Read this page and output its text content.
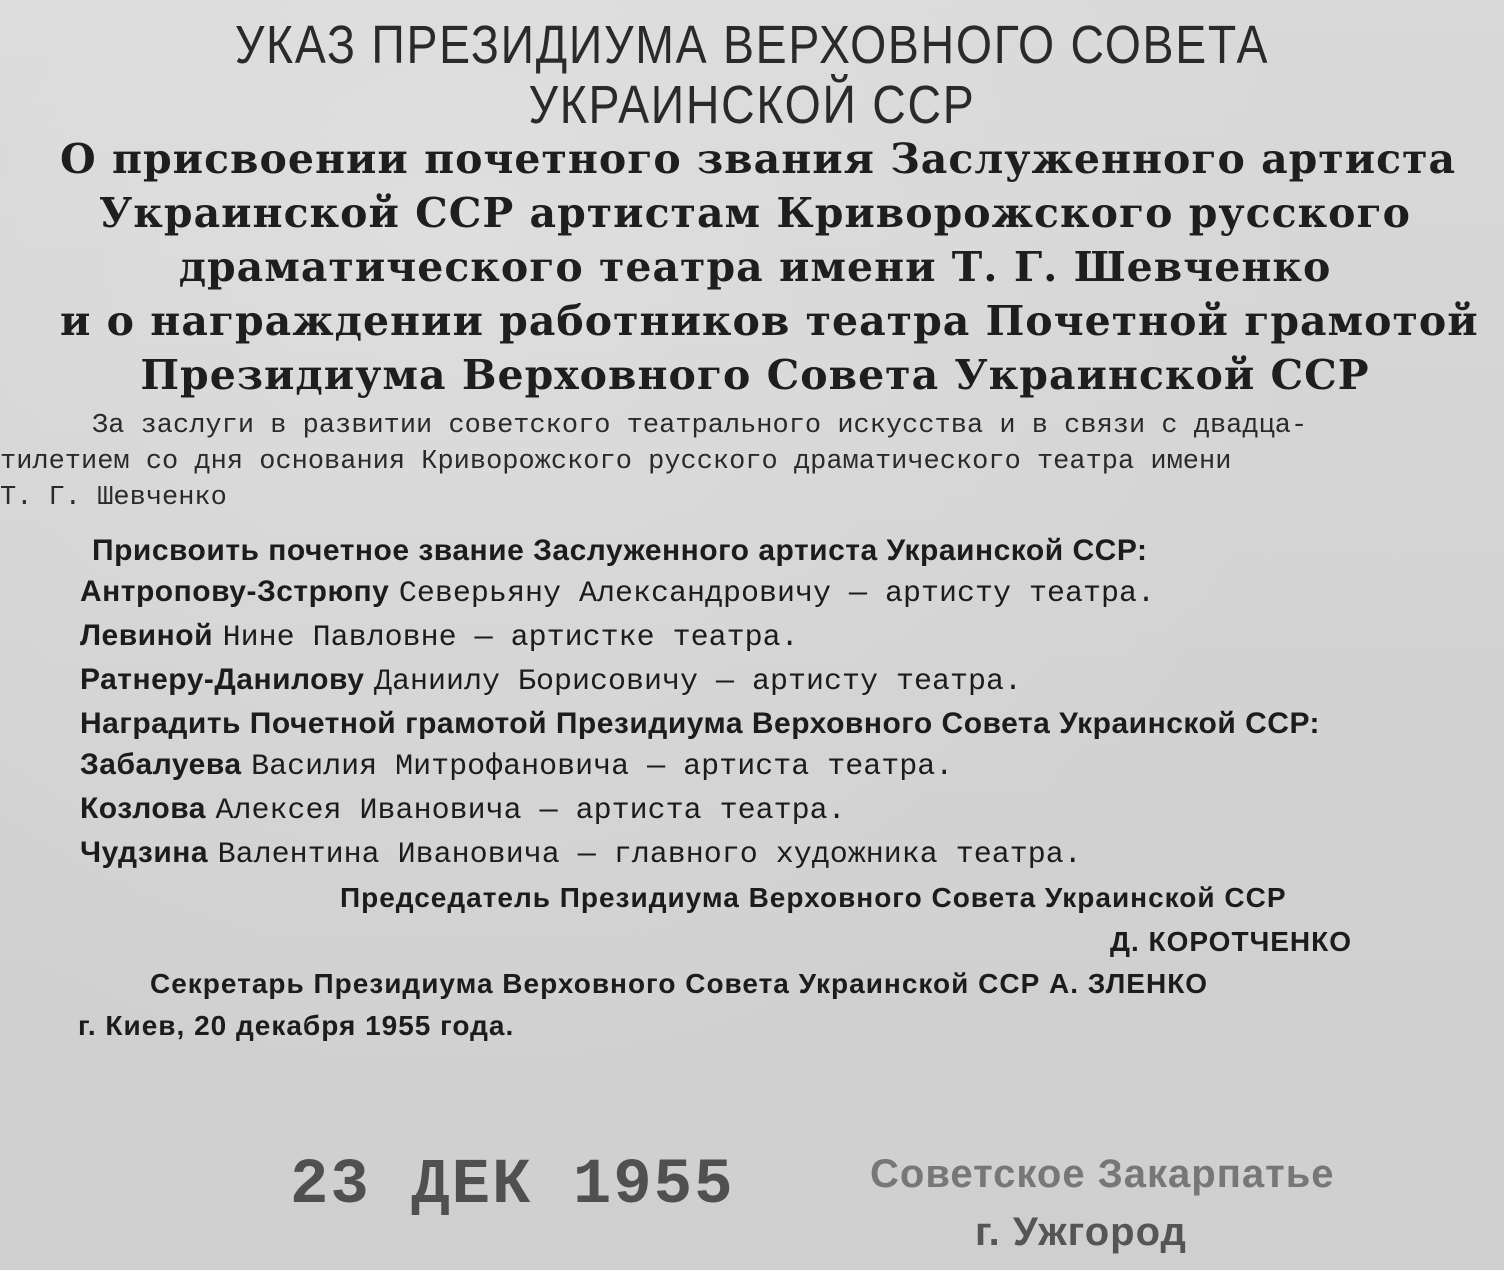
УКАЗ ПРЕЗИДИУМА ВЕРХОВНОГО СОВЕТА
УКРАИНСКОЙ ССР
О присвоении почетного звания Заслуженного артиста
Украинской ССР артистам Криворожского русского
драматического театра имени Т. Г. Шевченко
и о награждении работников театра Почетной грамотой
Президиума Верховного Совета Украинской ССР
За заслуги в развитии советского театрального искусства и в связи с двадца-
тилетием со дня основания Криворожского русского драматического театра имени
Т. Г. Шевченко
Присвоить почетное звание Заслуженного артиста Украинской ССР:
Антропову-Зстрюпу Северьяну Александровичу — артисту театра.
Левиной Нине Павловне — артистке театра.
Ратнеру-Данилову Даниилу Борисовичу — артисту театра.
Наградить Почетной грамотой Президиума Верховного Совета Украинской ССР:
Забалуева Василия Митрофановича — артиста театра.
Козлова Алексея Ивановича — артиста театра.
Чудзина Валентина Ивановича — главного художника театра.
Председатель Президиума Верховного Совета Украинской ССР
Д. КОРОТЧЕНКО
Секретарь Президиума Верховного Совета Украинской ССР А. ЗЛЕНКО
г. Киев, 20 декабря 1955 года.
23 ДЕК 1955	Советское Закарпатье
г. Ужгород
